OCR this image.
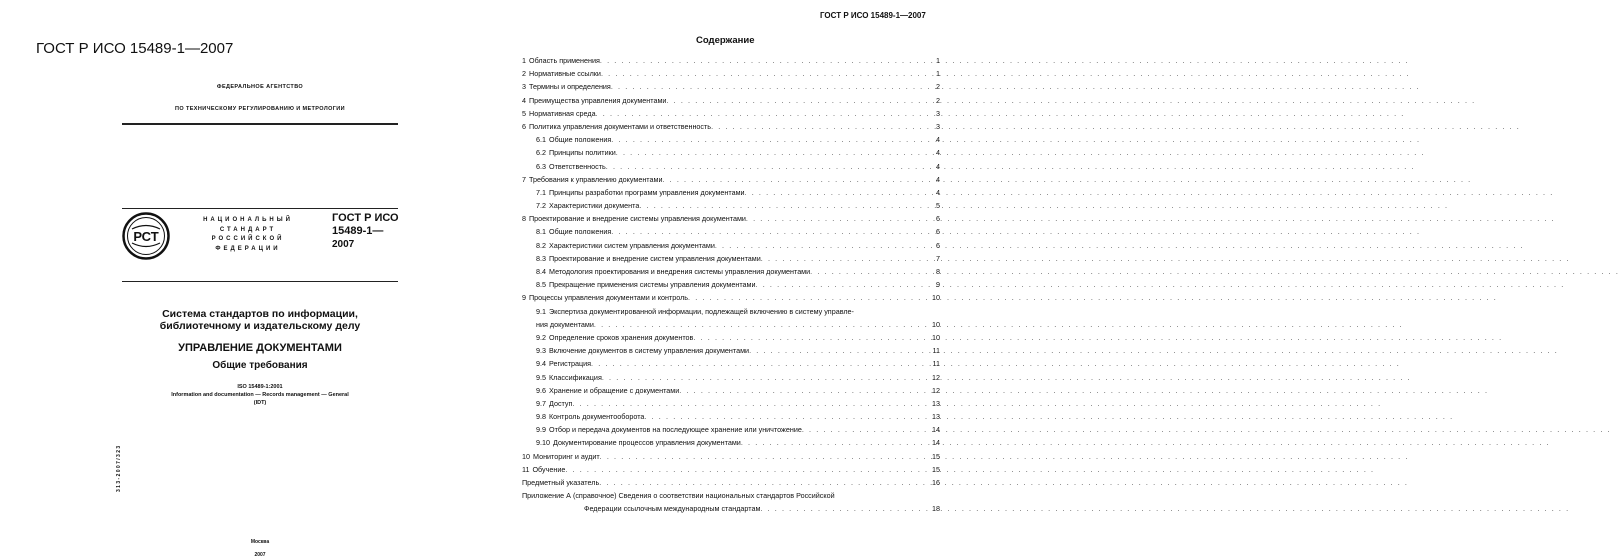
ГОСТ Р ИСО 15489-1—2007
ФЕДЕРАЛЬНОЕ АГЕНТСТВО
ПО ТЕХНИЧЕСКОМУ РЕГУЛИРОВАНИЮ И МЕТРОЛОГИИ
РСТ
НАЦИОНАЛЬНЫЙ
СТАНДАРТ
РОССИЙСКОЙ
ФЕДЕРАЦИИ
ГОСТ Р ИСО
15489-1—
2007
Система стандартов по информации,
библиотечному и издательскому делу
УПРАВЛЕНИЕ ДОКУМЕНТАМИ
Общие требования
ISO 15489-1:2001
Information and documentation — Records management — General
(IDT)
3 1 3 - 2 0 0 7 / 3 2 3
Москва
2007
ГОСТ Р ИСО 15489-1—2007
Содержание
1 Область применения . . .	1
2 Нормативные ссылки . . .	1
3 Термины и определения . . .	2
4 Преимущества управления документами . . .	2
5 Нормативная среда . . .	3
6 Политика управления документами и ответственность . . .	3
6.1 Общие положения . . .	4
6.2 Принципы политики . . .	4
6.3 Ответственность . . .	4
7 Требования к управлению документами . . .	4
7.1 Принципы разработки программ управления документами . . .	4
7.2 Характеристики документа . . .	5
8 Проектирование и внедрение системы управления документами . . .	6
8.1 Общие положения . . .	6
8.2 Характеристики систем управления документами . . .	6
8.3 Проектирование и внедрение систем управления документами . . .	7
8.4 Методология проектирования и внедрения системы управления документами . . .	8
8.5 Прекращение применения системы управления документами . . .	9
9 Процессы управления документами и контроль . . .	10
9.1 Экспертиза документированной информации, подлежащей включению в систему управле-
ния документами . . .	10
9.2 Определение сроков хранения документов . . .	10
9.3 Включение документов в систему управления документами . . .	11
9.4 Регистрация . . .	11
9.5 Классификация . . .	12
9.6 Хранение и обращение с документами . . .	12
9.7 Доступ . . .	13
9.8 Контроль документооборота . . .	13
9.9 Отбор и передача документов на последующее хранение или уничтожение . . .	14
9.10 Документирование процессов управления документами . . .	14
10 Мониторинг и аудит . . .	15
11 Обучение . . .	15
Предметный указатель . . .	16
Приложение А (справочное) Сведения о соответствии национальных стандартов Российской
Федерации ссылочным международным стандартам . . .	18
